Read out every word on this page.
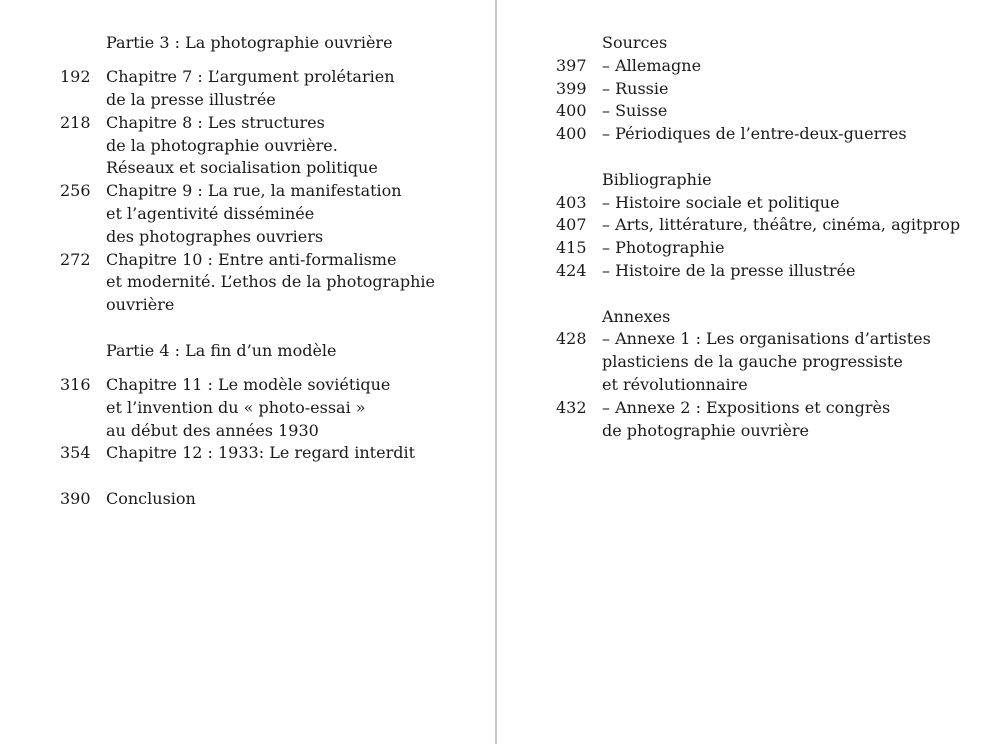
Partie 3 : La photographie ouvrière
192 Chapitre 7 : L’argument prolétarien
de la presse illustrée
218 Chapitre 8 : Les structures
de la photographie ouvrière.
Réseaux et socialisation politique
256 Chapitre 9 : La rue, la manifestation
et l’agentivité disséminée
des photographes ouvriers
272 Chapitre 10 : Entre anti-formalisme
et modernité. L’ethos de la photographie
ouvrière
Partie 4 : La fin d’un modèle
316 Chapitre 11 : Le modèle soviétique
et l’invention du « photo-essai »
au début des années 1930
354 Chapitre 12 : 1933: Le regard interdit
390 Conclusion
Sources
397 – Allemagne
399 – Russie
400 – Suisse
400 – Périodiques de l’entre-deux-guerres
Bibliographie
403 – Histoire sociale et politique
407 – Arts, littérature, théâtre, cinéma, agitprop
415 – Photographie
424 – Histoire de la presse illustrée
Annexes
428 – Annexe 1 : Les organisations d’artistes
plasticiens de la gauche progressiste
et révolutionnaire
432 – Annexe 2 : Expositions et congrès
de photographie ouvrière
